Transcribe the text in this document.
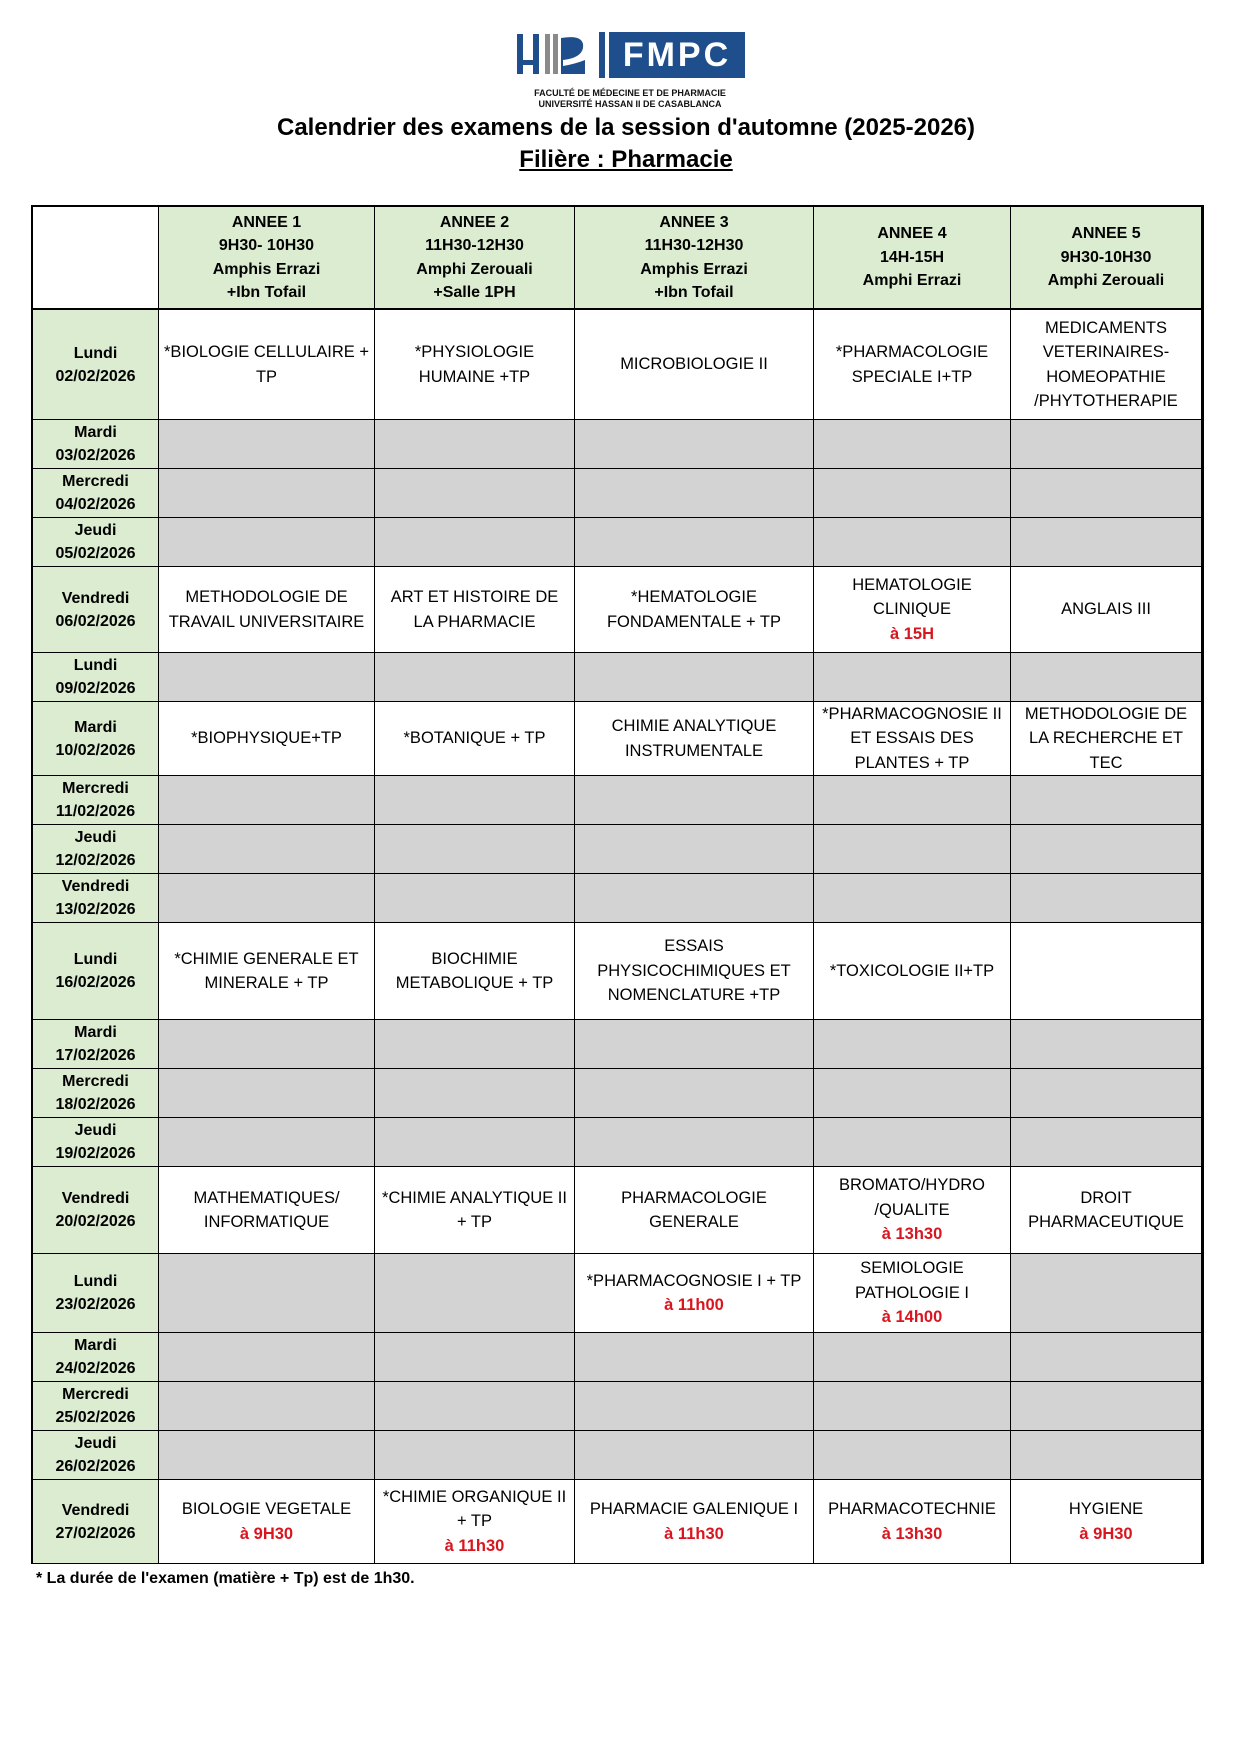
FMPC
FACULTÉ DE MÉDECINE ET DE PHARMACIE
UNIVERSITÉ HASSAN II DE CASABLANCA
Calendrier des examens de la session d'automne (2025-2026)
Filière : Pharmacie
ANNEE 1
9H30- 10H30
Amphis Errazi
+Ibn Tofail
ANNEE 2
11H30-12H30
Amphi Zerouali
+Salle 1PH
ANNEE 3
11H30-12H30
Amphis Errazi
+Ibn Tofail
ANNEE 4
14H-15H
Amphi Errazi
ANNEE 5
9H30-10H30
Amphi Zerouali
Lundi
02/02/2026
*BIOLOGIE CELLULAIRE + TP
*PHYSIOLOGIE HUMAINE +TP
MICROBIOLOGIE II
*PHARMACOLOGIE SPECIALE I+TP
MEDICAMENTS VETERINAIRES-HOMEOPATHIE /PHYTOTHERAPIE
Mardi
03/02/2026
Mercredi
04/02/2026
Jeudi
05/02/2026
Vendredi
06/02/2026
METHODOLOGIE DE TRAVAIL UNIVERSITAIRE
ART ET HISTOIRE DE LA PHARMACIE
*HEMATOLOGIE FONDAMENTALE + TP
HEMATOLOGIE CLINIQUE
à 15H
ANGLAIS III
Lundi
09/02/2026
Mardi
10/02/2026
*BIOPHYSIQUE+TP	*BOTANIQUE + TP
CHIMIE ANALYTIQUE INSTRUMENTALE
*PHARMACOGNOSIE II ET ESSAIS DES PLANTES + TP
METHODOLOGIE DE LA RECHERCHE ET TEC
Mercredi
11/02/2026
Jeudi
12/02/2026
Vendredi
13/02/2026
Lundi
16/02/2026
*CHIMIE GENERALE ET MINERALE + TP
BIOCHIMIE METABOLIQUE + TP
ESSAIS PHYSICOCHIMIQUES ET NOMENCLATURE +TP
*TOXICOLOGIE II+TP
Mardi
17/02/2026
Mercredi
18/02/2026
Jeudi
19/02/2026
Vendredi
20/02/2026
MATHEMATIQUES/ INFORMATIQUE
*CHIMIE ANALYTIQUE II + TP
PHARMACOLOGIE GENERALE
BROMATO/HYDRO /QUALITE
à 13h30
DROIT PHARMACEUTIQUE
Lundi
23/02/2026
*PHARMACOGNOSIE I + TP
à 11h00
SEMIOLOGIE PATHOLOGIE I
à 14h00
Mardi
24/02/2026
Mercredi
25/02/2026
Jeudi
26/02/2026
Vendredi
27/02/2026
BIOLOGIE VEGETALE
à 9H30
*CHIMIE ORGANIQUE II + TP
à 11h30
PHARMACIE GALENIQUE I
à 11h30
PHARMACOTECHNIE
à 13h30
HYGIENE
à 9H30
* La durée de l'examen (matière + Tp) est de 1h30.
